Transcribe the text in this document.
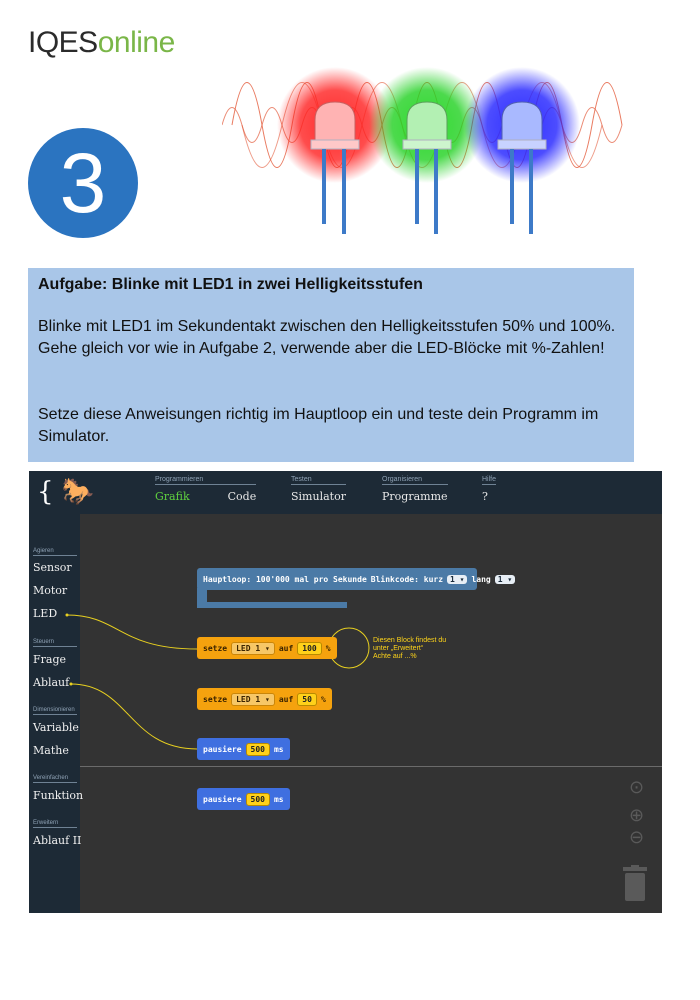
IQESonline
3
Aufgabe: Blinke mit LED1 in zwei Helligkeitsstufen
Blinke mit LED1 im Sekundentakt zwischen den Helligkeitsstufen 50% und 100%. Gehe gleich vor wie in Aufgabe 2, verwende aber die LED-Blöcke mit %-Zahlen!
Setze diese Anweisungen richtig im Hauptloop ein und teste dein Programm im Simulator.
{ 🐎	Programmieren
Grafik	Code
Testen
Simulator
Organisieren
Programme
Hilfe
?
Agieren
Sensor
Motor
LED
Steuern
Frage
Ablauf
Dimensionieren
Variable
Mathe
Vereinfachen
Funktion
Erweitern
Ablauf II
Hauptloop: 100'000 mal pro Sekunde Blinkcode: kurz 1 ▾ lang 1 ▾
setze	LED 1 ▾	auf	100	%
Diesen Block findest du
unter „Erweitert“
Achte auf ...%
setze	LED 1 ▾	auf	50	%
pausiere	500	ms
pausiere	500	ms
⊙
⊕
⊖
